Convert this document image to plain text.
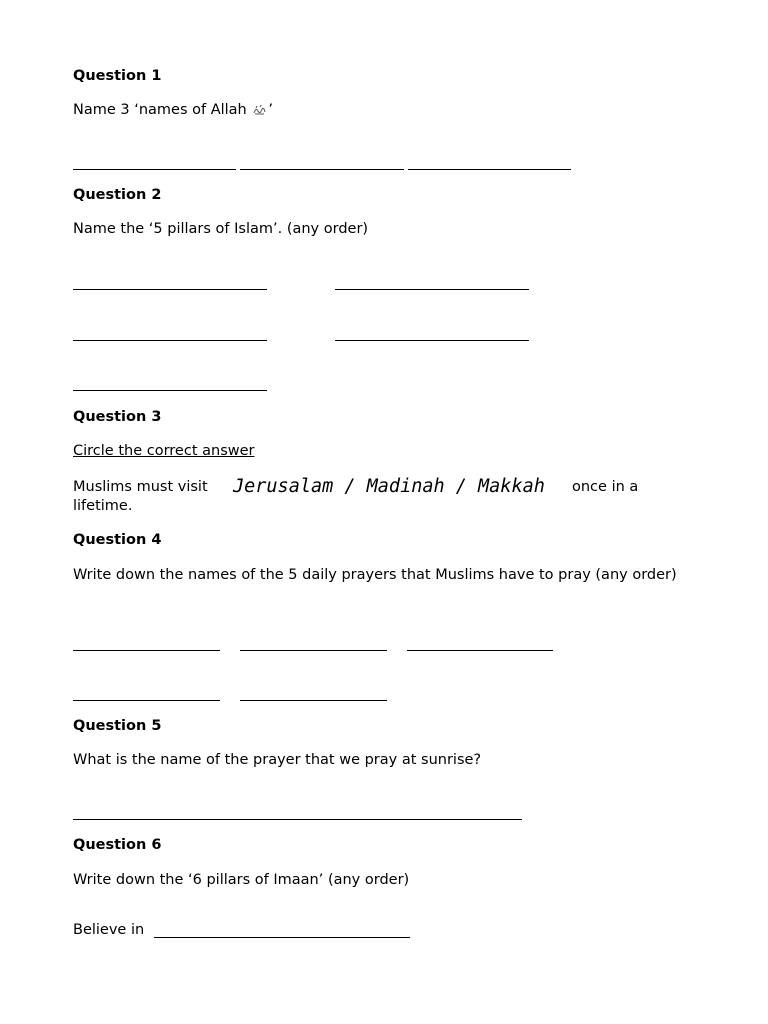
Question 1
Name 3 ‘names of Allah ’
Question 2
Name the ‘5 pillars of Islam’. (any order)
Question 3
Circle the correct answer
Muslims must visit Jerusalam / Madinah / Makkah once in a
lifetime.
Question 4
Write down the names of the 5 daily prayers that Muslims have to pray (any order)
Question 5
What is the name of the prayer that we pray at sunrise?
Question 6
Write down the ‘6 pillars of Imaan’ (any order)
Believe in
